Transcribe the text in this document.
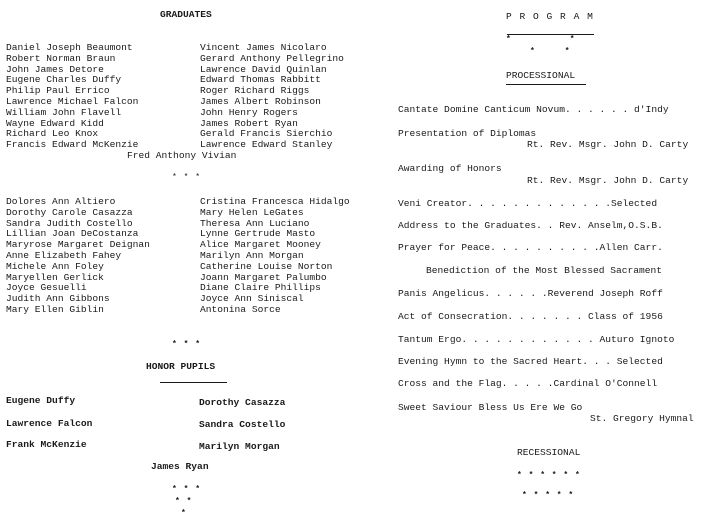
GRADUATES
Daniel Joseph Beaumont
Robert Norman Braun
John James Detore
Eugene Charles Duffy
Philip Paul Errico
Lawrence Michael Falcon
William John Flavell
Wayne Edward Kidd
Richard Leo Knox
Francis Edward McKenzie
Vincent James Nicolaro
Gerard Anthony Pellegrino
Lawrence David Quinlan
Edward Thomas Rabbitt
Roger Richard Riggs
James Albert Robinson
John Henry Rogers
James Robert Ryan
Gerald Francis Sierchio
Lawrence Edward Stanley
Fred Anthony Vivian
* * *
Dolores Ann Altiero
Dorothy Carole Casazza
Sandra Judith Costello
Lillian Joan DeCostanza
Maryrose Margaret Deignan
Anne Elizabeth Fahey
Michele Ann Foley
Maryellen Gerlick
Joyce Gesuelli
Judith Ann Gibbons
Mary Ellen Giblin
Cristina Francesca Hidalgo
Mary Helen LeGates
Theresa Ann Luciano
Lynne Gertrude Masto
Alice Margaret Mooney
Marilyn Ann Morgan
Catherine Louise Norton
Joann Margaret Palumbo
Diane Claire Phillips
Joyce Ann Siniscal
Antonina Sorce
* * *
HONOR PUPILS
Eugene Duffy
Lawrence Falcon
Frank McKenzie
Dorothy Casazza
Sandra Costello
Marilyn Morgan
James Ryan
* * *
* *
*
P R O G R A M
*          *
*     *
PROCESSIONAL
Cantate Domine Canticum Novum. . . . . . d'Indy
Presentation of Diplomas
Rt. Rev. Msgr. John D. Carty
Awarding of Honors
Rt. Rev. Msgr. John D. Carty
Veni Creator. . . . . . . . . . . . .Selected
Address to the Graduates. . Rev. Anselm,O.S.B.
Prayer for Peace. . . . . . . . . .Allen Carr.
Benediction of the Most Blessed Sacrament
Panis Angelicus. . . . . .Reverend Joseph Roff
Act of Consecration. . . . . . . Class of 1956
Tantum Ergo. . . . . . . . . . . . Auturo Ignoto
Evening Hymn to the Sacred Heart. . . Selected
Cross and the Flag. . . . .Cardinal O'Connell
Sweet Saviour Bless Us Ere We Go
St. Gregory Hymnal
RECESSIONAL
* * * * * *
* * * * *
